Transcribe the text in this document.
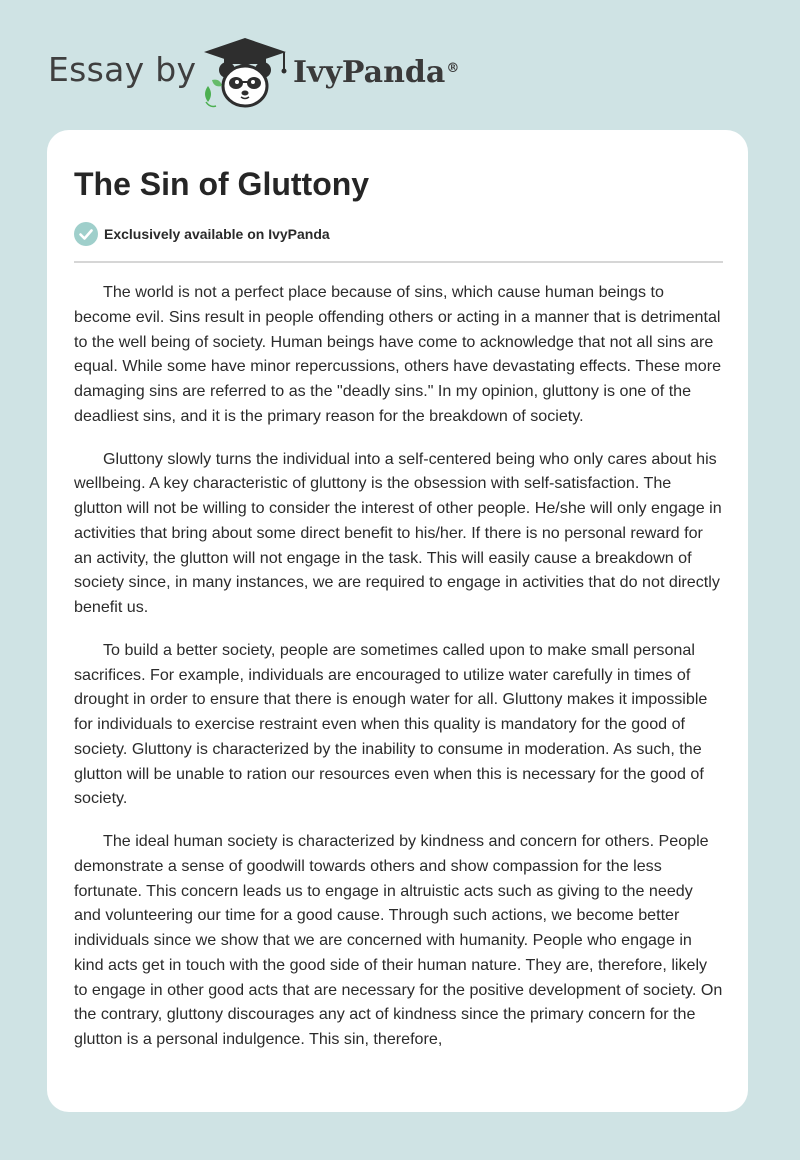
Essay by	IvyPanda®
The Sin of Gluttony
Exclusively available on IvyPanda

The world is not a perfect place because of sins, which cause human beings to become evil. Sins result in people offending others or acting in a manner that is detrimental to the well being of society. Human beings have come to acknowledge that not all sins are equal. While some have minor repercussions, others have devastating effects. These more damaging sins are referred to as the "deadly sins." In my opinion, gluttony is one of the deadliest sins, and it is the primary reason for the breakdown of society.

Gluttony slowly turns the individual into a self-centered being who only cares about his wellbeing. A key characteristic of gluttony is the obsession with self-satisfaction. The glutton will not be willing to consider the interest of other people. He/she will only engage in activities that bring about some direct benefit to his/her. If there is no personal reward for an activity, the glutton will not engage in the task. This will easily cause a breakdown of society since, in many instances, we are required to engage in activities that do not directly benefit us.

To build a better society, people are sometimes called upon to make small personal sacrifices. For example, individuals are encouraged to utilize water carefully in times of drought in order to ensure that there is enough water for all. Gluttony makes it impossible for individuals to exercise restraint even when this quality is mandatory for the good of society. Gluttony is characterized by the inability to consume in moderation. As such, the glutton will be unable to ration our resources even when this is necessary for the good of society.

The ideal human society is characterized by kindness and concern for others. People demonstrate a sense of goodwill towards others and show compassion for the less fortunate. This concern leads us to engage in altruistic acts such as giving to the needy and volunteering our time for a good cause. Through such actions, we become better individuals since we show that we are concerned with humanity. People who engage in kind acts get in touch with the good side of their human nature. They are, therefore, likely to engage in other good acts that are necessary for the positive development of society. On the contrary, gluttony discourages any act of kindness since the primary concern for the glutton is a personal indulgence. This sin, therefore,
